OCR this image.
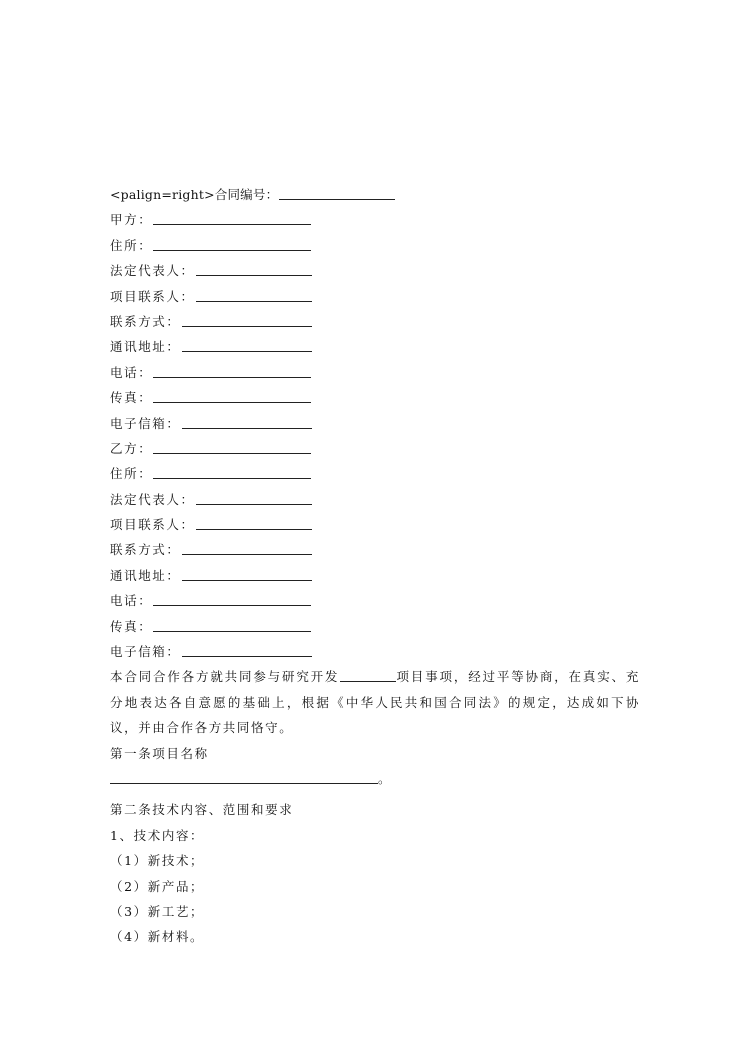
<palign=right>合同编号：
甲方：
住所：
法定代表人：
项目联系人：
联系方式：
通讯地址：
电话：
传真：
电子信箱：
乙方：
住所：
法定代表人：
项目联系人：
联系方式：
通讯地址：
电话：
传真：
电子信箱：
本合同合作各方就共同参与研究开发	项目事项，经过平等协商，在真实、充分地表达各自意愿的基础上，根据《中华人民共和国合同法》的规定，达成如下协议，并由合作各方共同恪守。
第一条项目名称
。
第二条技术内容、范围和要求
1、技术内容：
（1）新技术；
（2）新产品；
（3）新工艺；
（4）新材料。
